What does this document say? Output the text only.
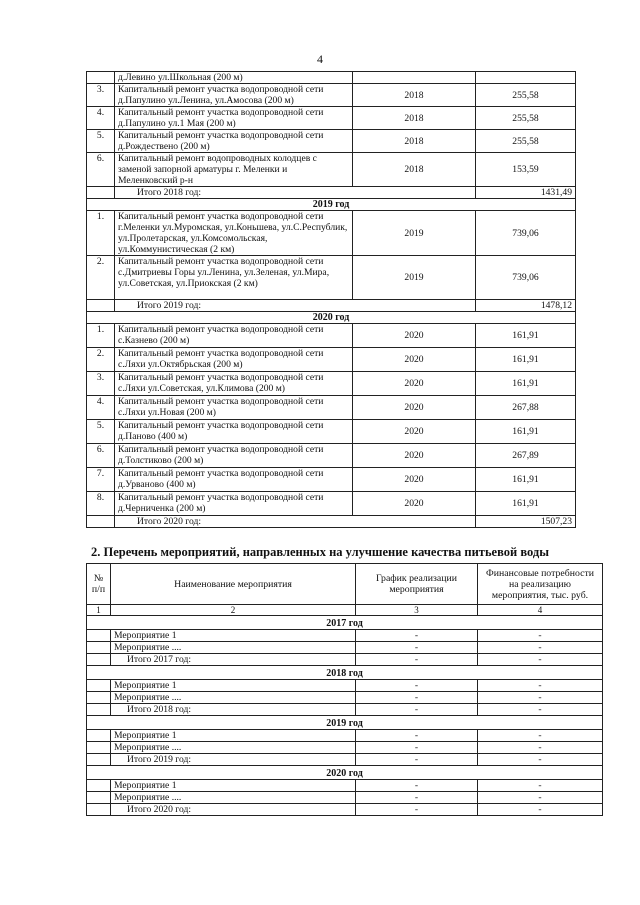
4
	д.Левино ул.Школьная (200 м)		
3.	Капитальный ремонт участка водопроводной сети д.Папулино ул.Ленина, ул.Амосова (200 м)	2018	255,58
4.	Капитальный ремонт участка водопроводной сети д.Папулино ул.1 Мая (200 м)	2018	255,58
5.	Капитальный ремонт участка водопроводной сети д.Рождествено (200 м)	2018	255,58
6.	Капитальный ремонт водопроводных колодцев с заменой запорной арматуры г. Меленки и Меленковский р-н	2018	153,59
	Итого 2018 год:		1431,49
2019 год			
1.	Капитальный ремонт участка водопроводной сети г.Меленки ул.Муромская, ул.Коньшева, ул.С.Республик, ул.Пролетарская, ул.Комсомольская, ул.Коммунистическая (2 км)	2019	739,06
2.	Капитальный ремонт участка водопроводной сети с.Дмитриевы Горы ул.Ленина, ул.Зеленая, ул.Мира, ул.Советская, ул.Приокская (2 км)	2019	739,06
	Итого 2019 год:		1478,12
2020 год			
1.	Капитальный ремонт участка водопроводной сети с.Казнево (200 м)	2020	161,91
2.	Капитальный ремонт участка водопроводной сети с.Ляхи ул.Октябрьская (200 м)	2020	161,91
3.	Капитальный ремонт участка водопроводной сети с.Ляхи ул.Советская, ул.Климова (200 м)	2020	161,91
4.	Капитальный ремонт участка водопроводной сети с.Ляхи ул.Новая (200 м)	2020	267,88
5.	Капитальный ремонт участка водопроводной сети д.Паново (400 м)	2020	161,91
6.	Капитальный ремонт участка водопроводной сети д.Толстиково (200 м)	2020	267,89
7.	Капитальный ремонт участка водопроводной сети д.Урвановo (400 м)	2020	161,91
8.	Капитальный ремонт участка водопроводной сети д.Черниченка (200 м)	2020	161,91
	Итого 2020 год:		1507,23
2. Перечень мероприятий, направленных на улучшение качества питьевой воды
№ п/п	Наименование мероприятия	График реализации мероприятия	Финансовые потребности на реализацию мероприятия, тыс. руб.
1	2	3	4
2017 год			
	Мероприятие 1	-	-
	Мероприятие ....	-	-
	Итого 2017 год:	-	-
2018 год			
	Мероприятие 1	-	-
	Мероприятие ....	-	-
	Итого 2018 год:	-	-
2019 год			
	Мероприятие 1	-	-
	Мероприятие ....	-	-
	Итого 2019 год:	-	-
2020 год			
	Мероприятие 1	-	-
	Мероприятие ....	-	-
	Итого 2020 год:	-	-
